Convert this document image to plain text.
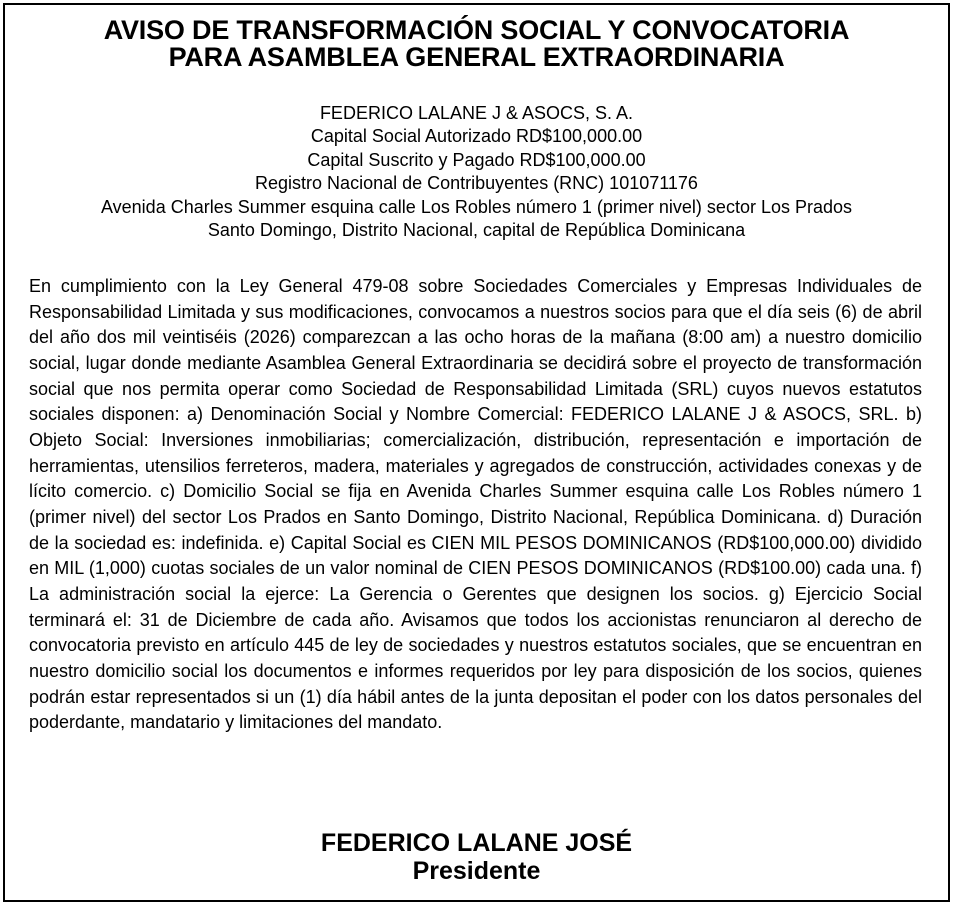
AVISO DE TRANSFORMACIÓN SOCIAL Y CONVOCATORIA
PARA ASAMBLEA GENERAL EXTRAORDINARIA
FEDERICO LALANE J & ASOCS, S. A.
Capital Social Autorizado RD$100,000.00
Capital Suscrito y Pagado RD$100,000.00
Registro Nacional de Contribuyentes (RNC) 101071176
Avenida Charles Summer esquina calle Los Robles número 1 (primer nivel) sector Los Prados
Santo Domingo, Distrito Nacional, capital de República Dominicana
En cumplimiento con la Ley General 479-08 sobre Sociedades Comerciales y Empresas Individuales de Responsabilidad Limitada y sus modificaciones, convocamos a nuestros socios para que el día seis (6) de abril del año dos mil veintiséis (2026) comparezcan a las ocho horas de la mañana (8:00 am) a nuestro domicilio social, lugar donde mediante Asamblea General Extraordinaria se decidirá sobre el proyecto de transformación social que nos permita operar como Sociedad de Responsabilidad Limitada (SRL) cuyos nuevos estatutos sociales disponen: a) Denominación Social y Nombre Comercial: FEDERICO LALANE J & ASOCS, SRL. b) Objeto Social: Inversiones inmobiliarias; comercialización, distribución, representación e importación de herramientas, utensilios ferreteros, madera, materiales y agregados de construcción, actividades conexas y de lícito comercio. c) Domicilio Social se fija en Avenida Charles Summer esquina calle Los Robles número 1 (primer nivel) del sector Los Prados en Santo Domingo, Distrito Nacional, República Dominicana. d) Duración de la sociedad es: indefinida. e) Capital Social es CIEN MIL PESOS DOMINICANOS (RD$100,000.00) dividido en MIL (1,000) cuotas sociales de un valor nominal de CIEN PESOS DOMINICANOS (RD$100.00) cada una. f) La administración social la ejerce: La Gerencia o Gerentes que designen los socios. g) Ejercicio Social terminará el: 31 de Diciembre de cada año. Avisamos que todos los accionistas renunciaron al derecho de convocatoria previsto en artículo 445 de ley de sociedades y nuestros estatutos sociales, que se encuentran en nuestro domicilio social los documentos e informes requeridos por ley para disposición de los socios, quienes podrán estar representados si un (1) día hábil antes de la junta depositan el poder con los datos personales del poderdante, mandatario y limitaciones del mandato.
FEDERICO LALANE JOSÉ
Presidente
